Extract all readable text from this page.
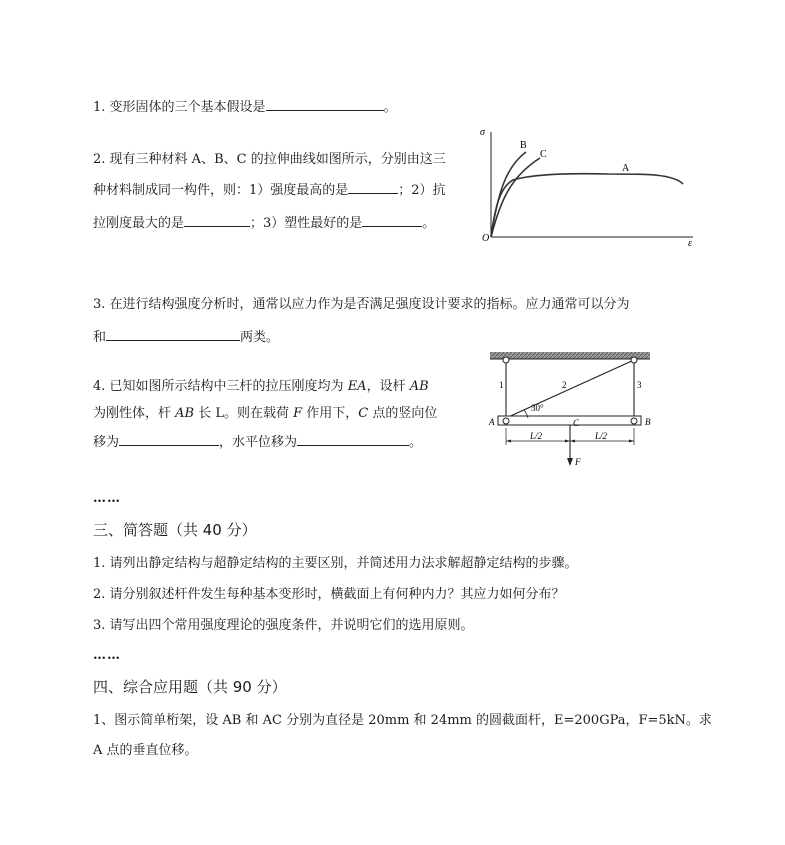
1. 变形固体的三个基本假设是	。
2. 现有三种材料 A、B、C 的拉伸曲线如图所示，分别由这三
种材料制成同一构件，则：1）强度最高的是	；2）抗
拉刚度最大的是	；3）塑性最好的是	。
σ
ε
O
B
C
A
3. 在进行结构强度分析时，通常以应力作为是否满足强度设计要求的指标。应力通常可以分为
和	两类。
4. 已知如图所示结构中三杆的拉压刚度均为 EA，设杆 AB
为刚性体，杆 AB 长 L。则在载荷 F 作用下，C 点的竖向位
移为	，水平位移为	。
1	2	3
30°
A	B
C
L/2	L/2
F
……
三、简答题（共 40 分）
1. 请列出静定结构与超静定结构的主要区别，并简述用力法求解超静定结构的步骤。
2. 请分别叙述杆件发生每种基本变形时，横截面上有何种内力？其应力如何分布？
3. 请写出四个常用强度理论的强度条件，并说明它们的选用原则。
……
四、综合应用题（共 90 分）
1、图示简单桁架，设 AB 和 AC 分别为直径是 20mm 和 24mm 的圆截面杆，E=200GPa，F=5kN。求
A 点的垂直位移。
